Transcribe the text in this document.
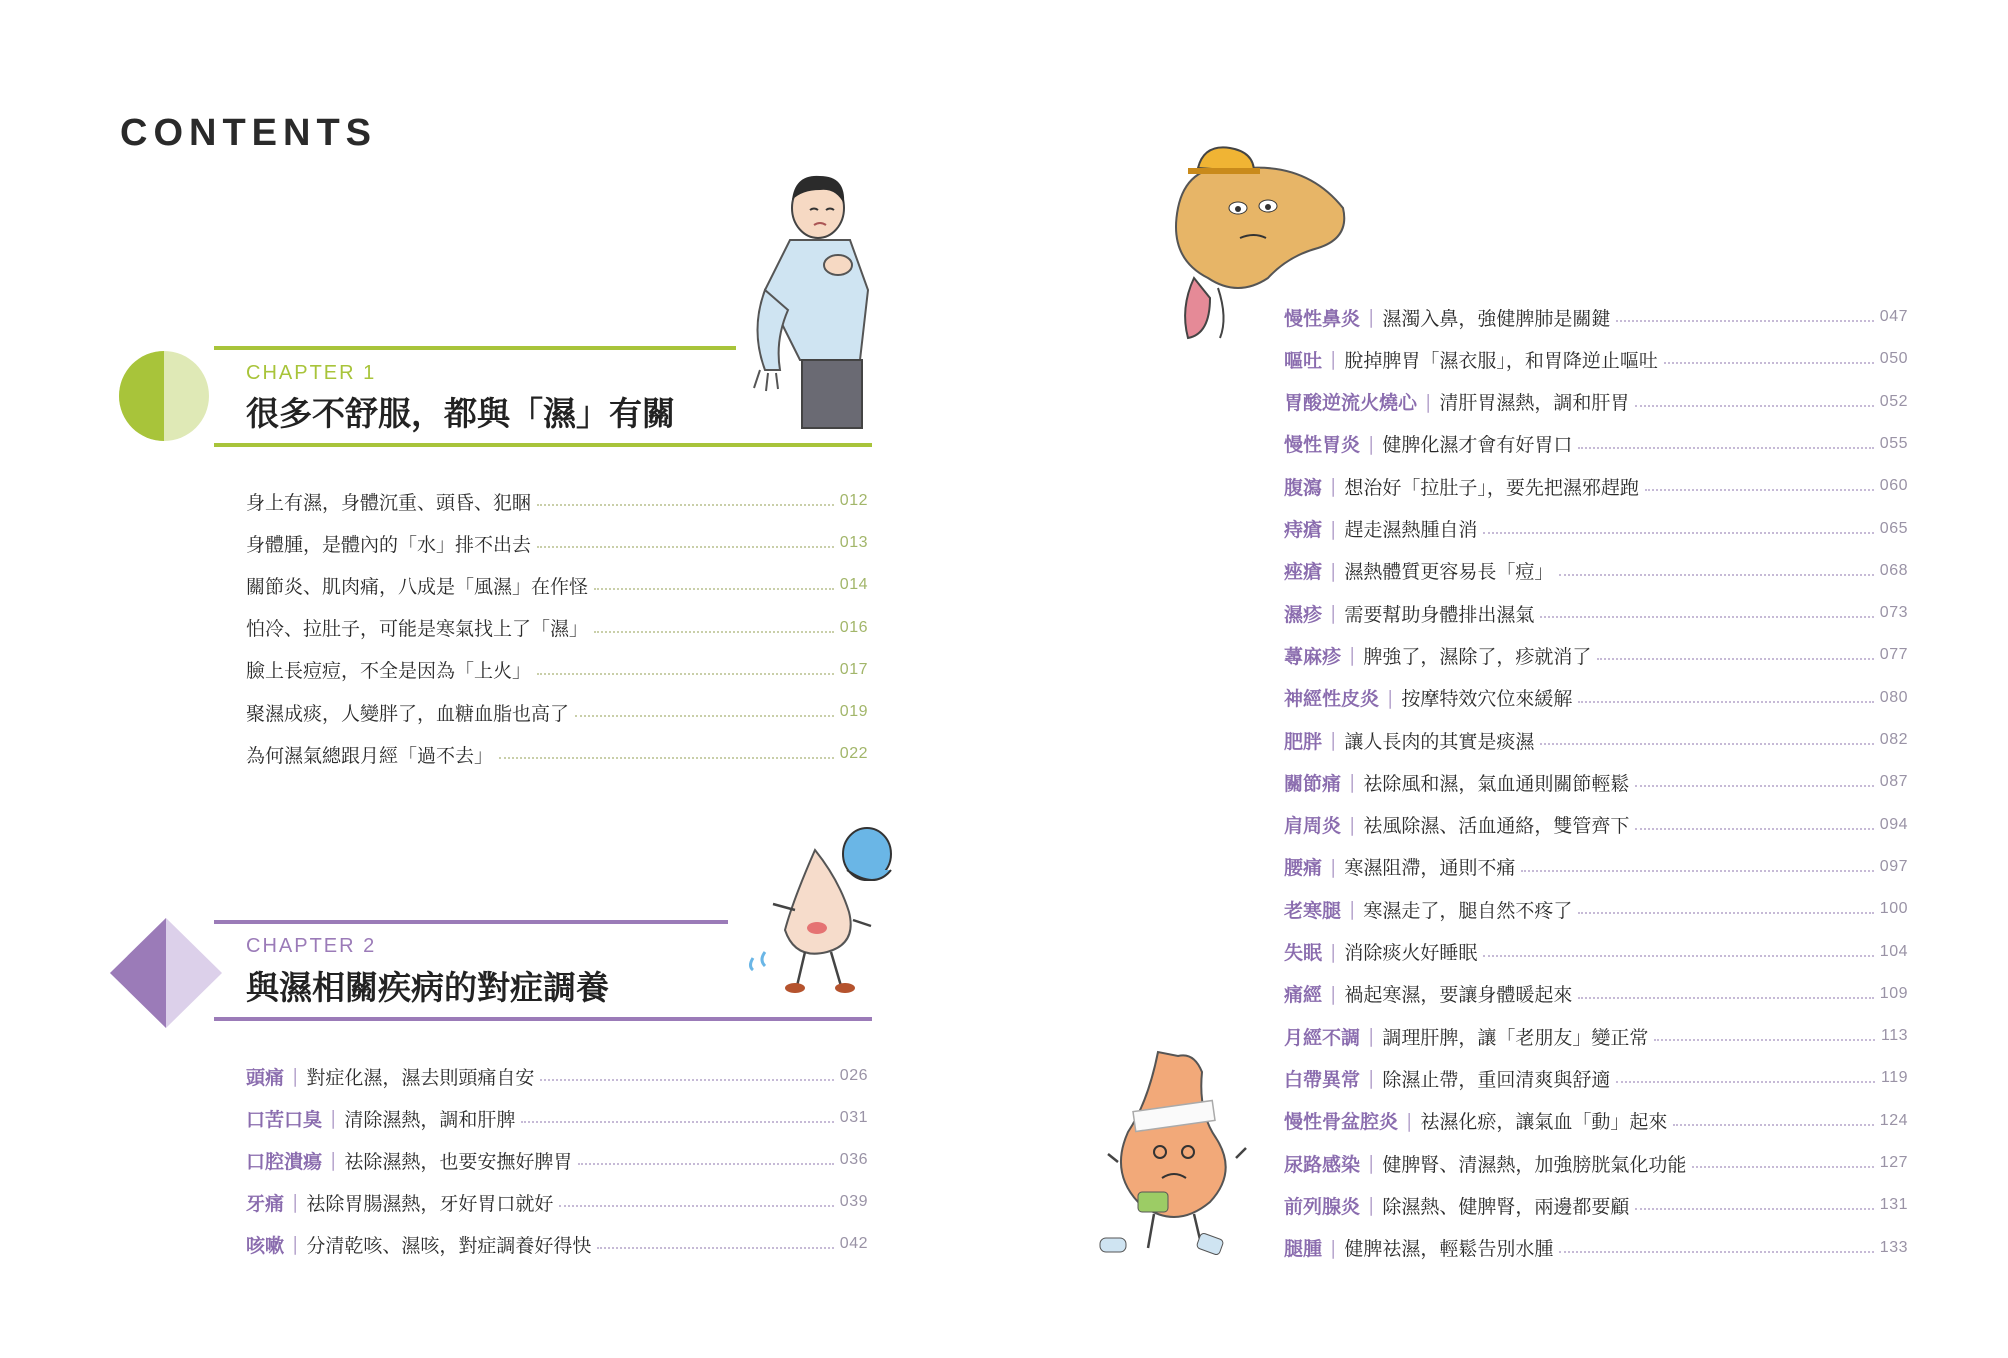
CONTENTS
CHAPTER 1
很多不舒服，都與「濕」有關
身上有濕，身體沉重、頭昏、犯睏	012
身體腫，是體內的「水」排不出去	013
關節炎、肌肉痛，八成是「風濕」在作怪	014
怕冷、拉肚子，可能是寒氣找上了「濕」	016
臉上長痘痘，不全是因為「上火」	017
聚濕成痰，人變胖了，血糖血脂也高了	019
為何濕氣總跟月經「過不去」	022
CHAPTER 2
與濕相關疾病的對症調養
頭痛 | 對症化濕，濕去則頭痛自安	026
口苦口臭 | 清除濕熱，調和肝脾	031
口腔潰瘍 | 祛除濕熱，也要安撫好脾胃	036
牙痛 | 祛除胃腸濕熱，牙好胃口就好	039
咳嗽 | 分清乾咳、濕咳，對症調養好得快	042
慢性鼻炎 | 濕濁入鼻，強健脾肺是關鍵	047
嘔吐 | 脫掉脾胃「濕衣服」，和胃降逆止嘔吐	050
胃酸逆流火燒心 | 清肝胃濕熱，調和肝胃	052
慢性胃炎 | 健脾化濕才會有好胃口	055
腹瀉 | 想治好「拉肚子」，要先把濕邪趕跑	060
痔瘡 | 趕走濕熱腫自消	065
痤瘡 | 濕熱體質更容易長「痘」	068
濕疹 | 需要幫助身體排出濕氣	073
蕁麻疹 | 脾強了，濕除了，疹就消了	077
神經性皮炎 | 按摩特效穴位來緩解	080
肥胖 | 讓人長肉的其實是痰濕	082
關節痛 | 祛除風和濕，氣血通則關節輕鬆	087
肩周炎 | 祛風除濕、活血通絡，雙管齊下	094
腰痛 | 寒濕阻滯，通則不痛	097
老寒腿 | 寒濕走了，腿自然不疼了	100
失眠 | 消除痰火好睡眠	104
痛經 | 禍起寒濕，要讓身體暖起來	109
月經不調 | 調理肝脾，讓「老朋友」變正常	113
白帶異常 | 除濕止帶，重回清爽與舒適	119
慢性骨盆腔炎 | 祛濕化瘀，讓氣血「動」起來	124
尿路感染 | 健脾腎、清濕熱，加強膀胱氣化功能	127
前列腺炎 | 除濕熱、健脾腎，兩邊都要顧	131
腿腫 | 健脾祛濕，輕鬆告別水腫	133
